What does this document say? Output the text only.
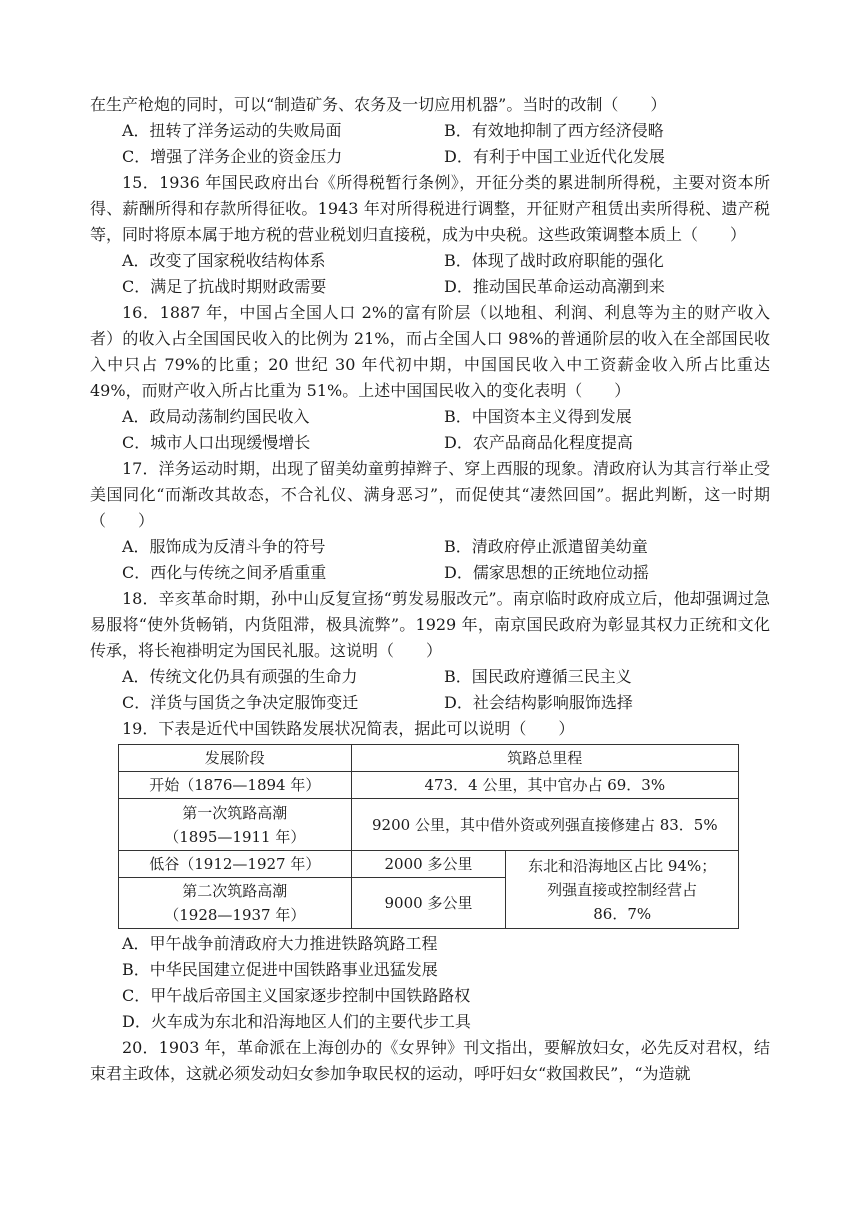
在生产枪炮的同时，可以“制造矿务、农务及一切应用机器”。当时的改制（　　）

A．扭转了洋务运动的失败局面	B．有效地抑制了西方经济侵略
C．增强了洋务企业的资金压力	D．有利于中国工业近代化发展

15．1936 年国民政府出台《所得税暂行条例》，开征分类的累进制所得税，主要对资本所得、薪酬所得和存款所得征收。1943 年对所得税进行调整，开征财产租赁出卖所得税、遗产税等，同时将原本属于地方税的营业税划归直接税，成为中央税。这些政策调整本质上（　　）

A．改变了国家税收结构体系	B．体现了战时政府职能的强化
C．满足了抗战时期财政需要	D．推动国民革命运动高潮到来

16．1887 年，中国占全国人口 2%的富有阶层（以地租、利润、利息等为主的财产收入者）的收入占全国国民收入的比例为 21%，而占全国人口 98%的普通阶层的收入在全部国民收入中只占 79%的比重；20 世纪 30 年代初中期，中国国民收入中工资薪金收入所占比重达 49%，而财产收入所占比重为 51%。上述中国国民收入的变化表明（　　）

A．政局动荡制约国民收入	B．中国资本主义得到发展
C．城市人口出现缓慢增长	D．农产品商品化程度提高

17．洋务运动时期，出现了留美幼童剪掉辫子、穿上西服的现象。清政府认为其言行举止受美国同化“而渐改其故态，不合礼仪、满身恶习”，而促使其“凄然回国”。据此判断，这一时期（　　）

A．服饰成为反清斗争的符号	B．清政府停止派遣留美幼童
C．西化与传统之间矛盾重重	D．儒家思想的正统地位动摇

18．辛亥革命时期，孙中山反复宣扬“剪发易服改元”。南京临时政府成立后，他却强调过急易服将“使外货畅销，内货阻滞，极具流弊”。1929 年，南京国民政府为彰显其权力正统和文化传承，将长袍褂明定为国民礼服。这说明（　　）

A．传统文化仍具有顽强的生命力	B．国民政府遵循三民主义
C．洋货与国货之争决定服饰变迁	D．社会结构影响服饰选择

19．下表是近代中国铁路发展状况简表，据此可以说明（　　）

发展阶段	筑路总里程	
开始（1876—1894 年）	473．4 公里，其中官办占 69．3%	

第一次筑路高潮
（1895—1911 年）	9200 公里，其中借外资或列强直接修建占 83．5%	
低谷（1912—1927 年）	2000 多公里	东北和沿海地区占比 94%；
列强直接或控制经营占
86．7%

第二次筑路高潮
（1928—1937 年）	9000 多公里	

A．甲午战争前清政府大力推进铁路筑路工程

B．中华民国建立促进中国铁路事业迅猛发展

C．甲午战后帝国主义国家逐步控制中国铁路路权

D．火车成为东北和沿海地区人们的主要代步工具

20．1903 年，革命派在上海创办的《女界钟》刊文指出，要解放妇女，必先反对君权，结束君主政体，这就必须发动妇女参加争取民权的运动，呼吁妇女“救国救民”，“为造就
